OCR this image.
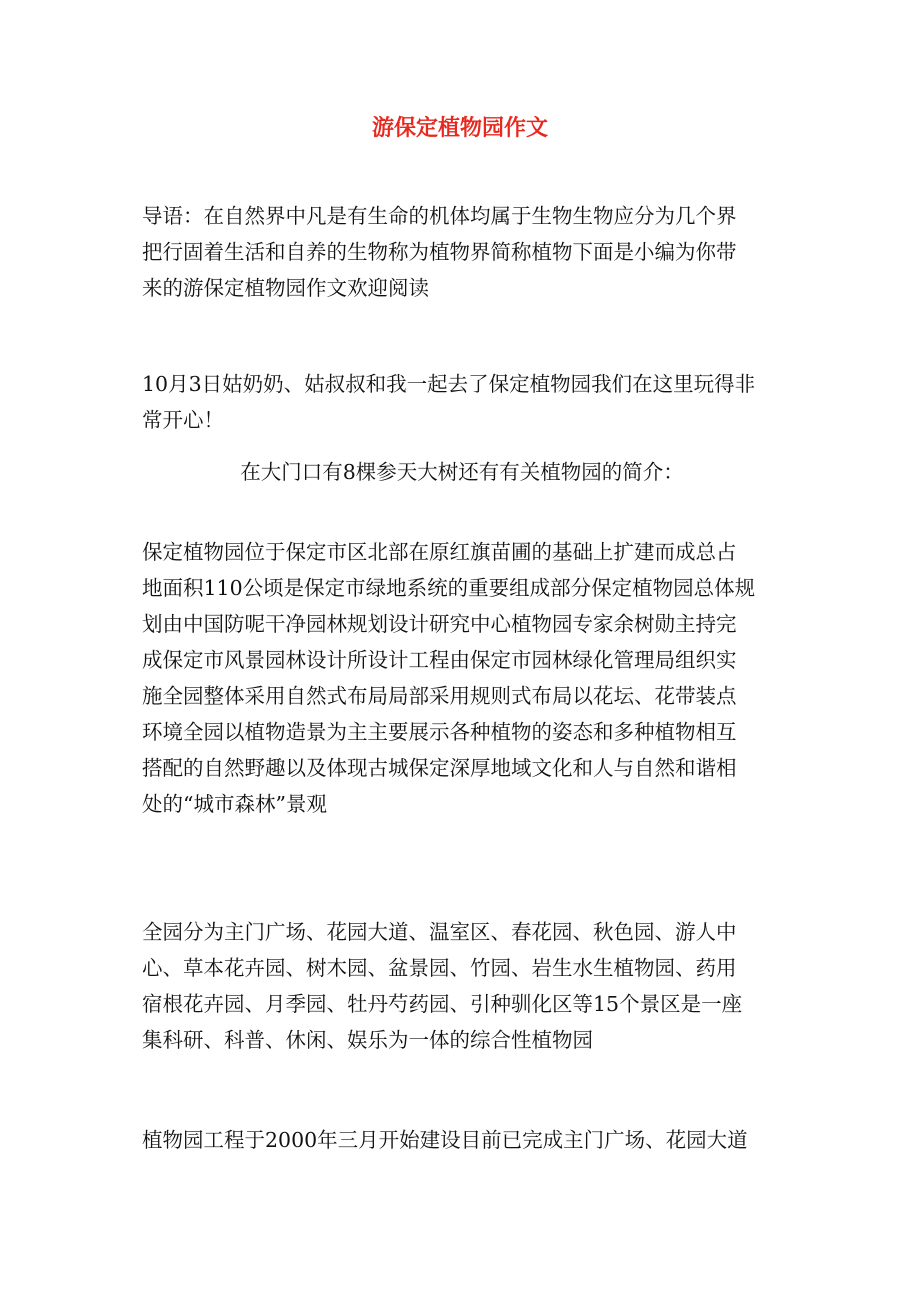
游保定植物园作文
导语：在自然界中凡是有生命的机体均属于生物生物应分为几个界
把行固着生活和自养的生物称为植物界简称植物下面是小编为你带
来的游保定植物园作文欢迎阅读
10月3日姑奶奶、姑叔叔和我一起去了保定植物园我们在这里玩得非
常开心！
在大门口有8棵参天大树还有有关植物园的简介：
保定植物园位于保定市区北部在原红旗苗圃的基础上扩建而成总占
地面积110公顷是保定市绿地系统的重要组成部分保定植物园总体规
划由中国防呢干净园林规划设计研究中心植物园专家余树勋主持完
成保定市风景园林设计所设计工程由保定市园林绿化管理局组织实
施全园整体采用自然式布局局部采用规则式布局以花坛、花带装点
环境全园以植物造景为主主要展示各种植物的姿态和多种植物相互
搭配的自然野趣以及体现古城保定深厚地域文化和人与自然和谐相
处的“城市森林”景观
全园分为主门广场、花园大道、温室区、春花园、秋色园、游人中
心、草本花卉园、树木园、盆景园、竹园、岩生水生植物园、药用
宿根花卉园、月季园、牡丹芍药园、引种驯化区等15个景区是一座
集科研、科普、休闲、娱乐为一体的综合性植物园
植物园工程于2000年三月开始建设目前已完成主门广场、花园大道
